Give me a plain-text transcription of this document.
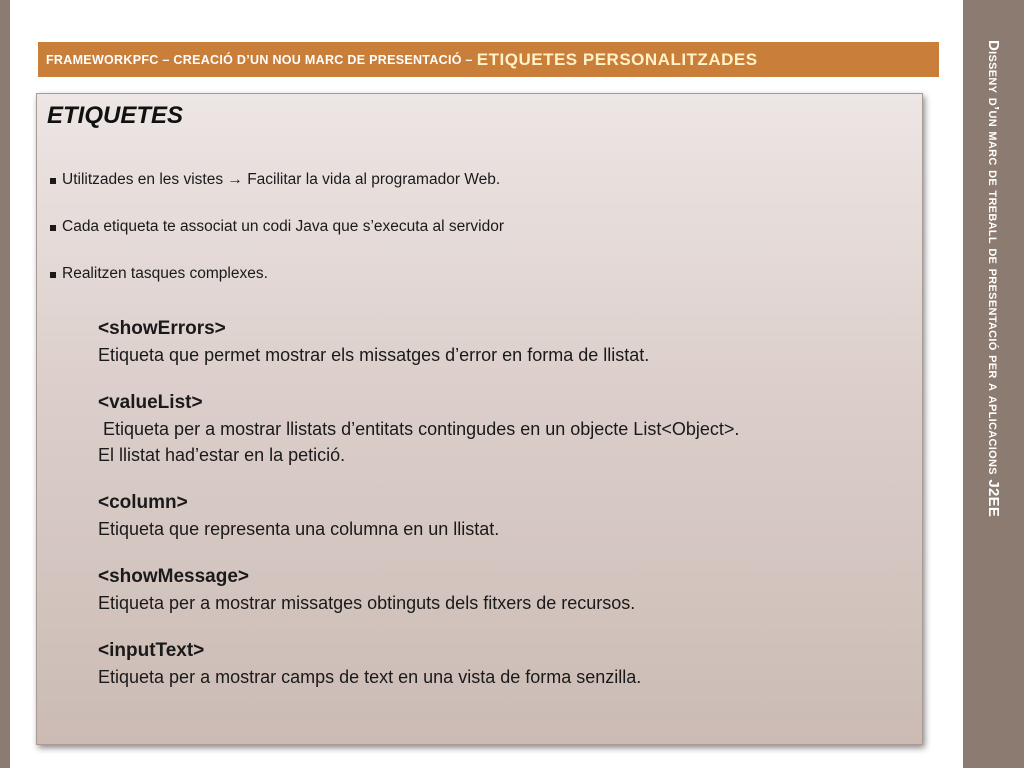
Disseny d’un marc de treball de presentació per a aplicacions J2EE
FRAMEWORKPFC – CREACIÓ D’UN NOU MARC DE PRESENTACIÓ – ETIQUETES PERSONALITZADES
ETIQUETES
Utilitzades en les vistes → Facilitar la vida al programador Web.
Cada etiqueta te associat un codi Java que s’executa al servidor
Realitzen tasques complexes.
<showErrors>
Etiqueta que permet mostrar els missatges d’error en forma de llistat.
<valueList>
Etiqueta per a mostrar llistats d’entitats contingudes en un objecte List<Object>.
El llistat had’estar en la petició.
<column>
Etiqueta que representa una columna en un llistat.
<showMessage>
Etiqueta per a mostrar missatges obtinguts dels fitxers de recursos.
<inputText>
Etiqueta per a mostrar camps de text en una vista de forma senzilla.
